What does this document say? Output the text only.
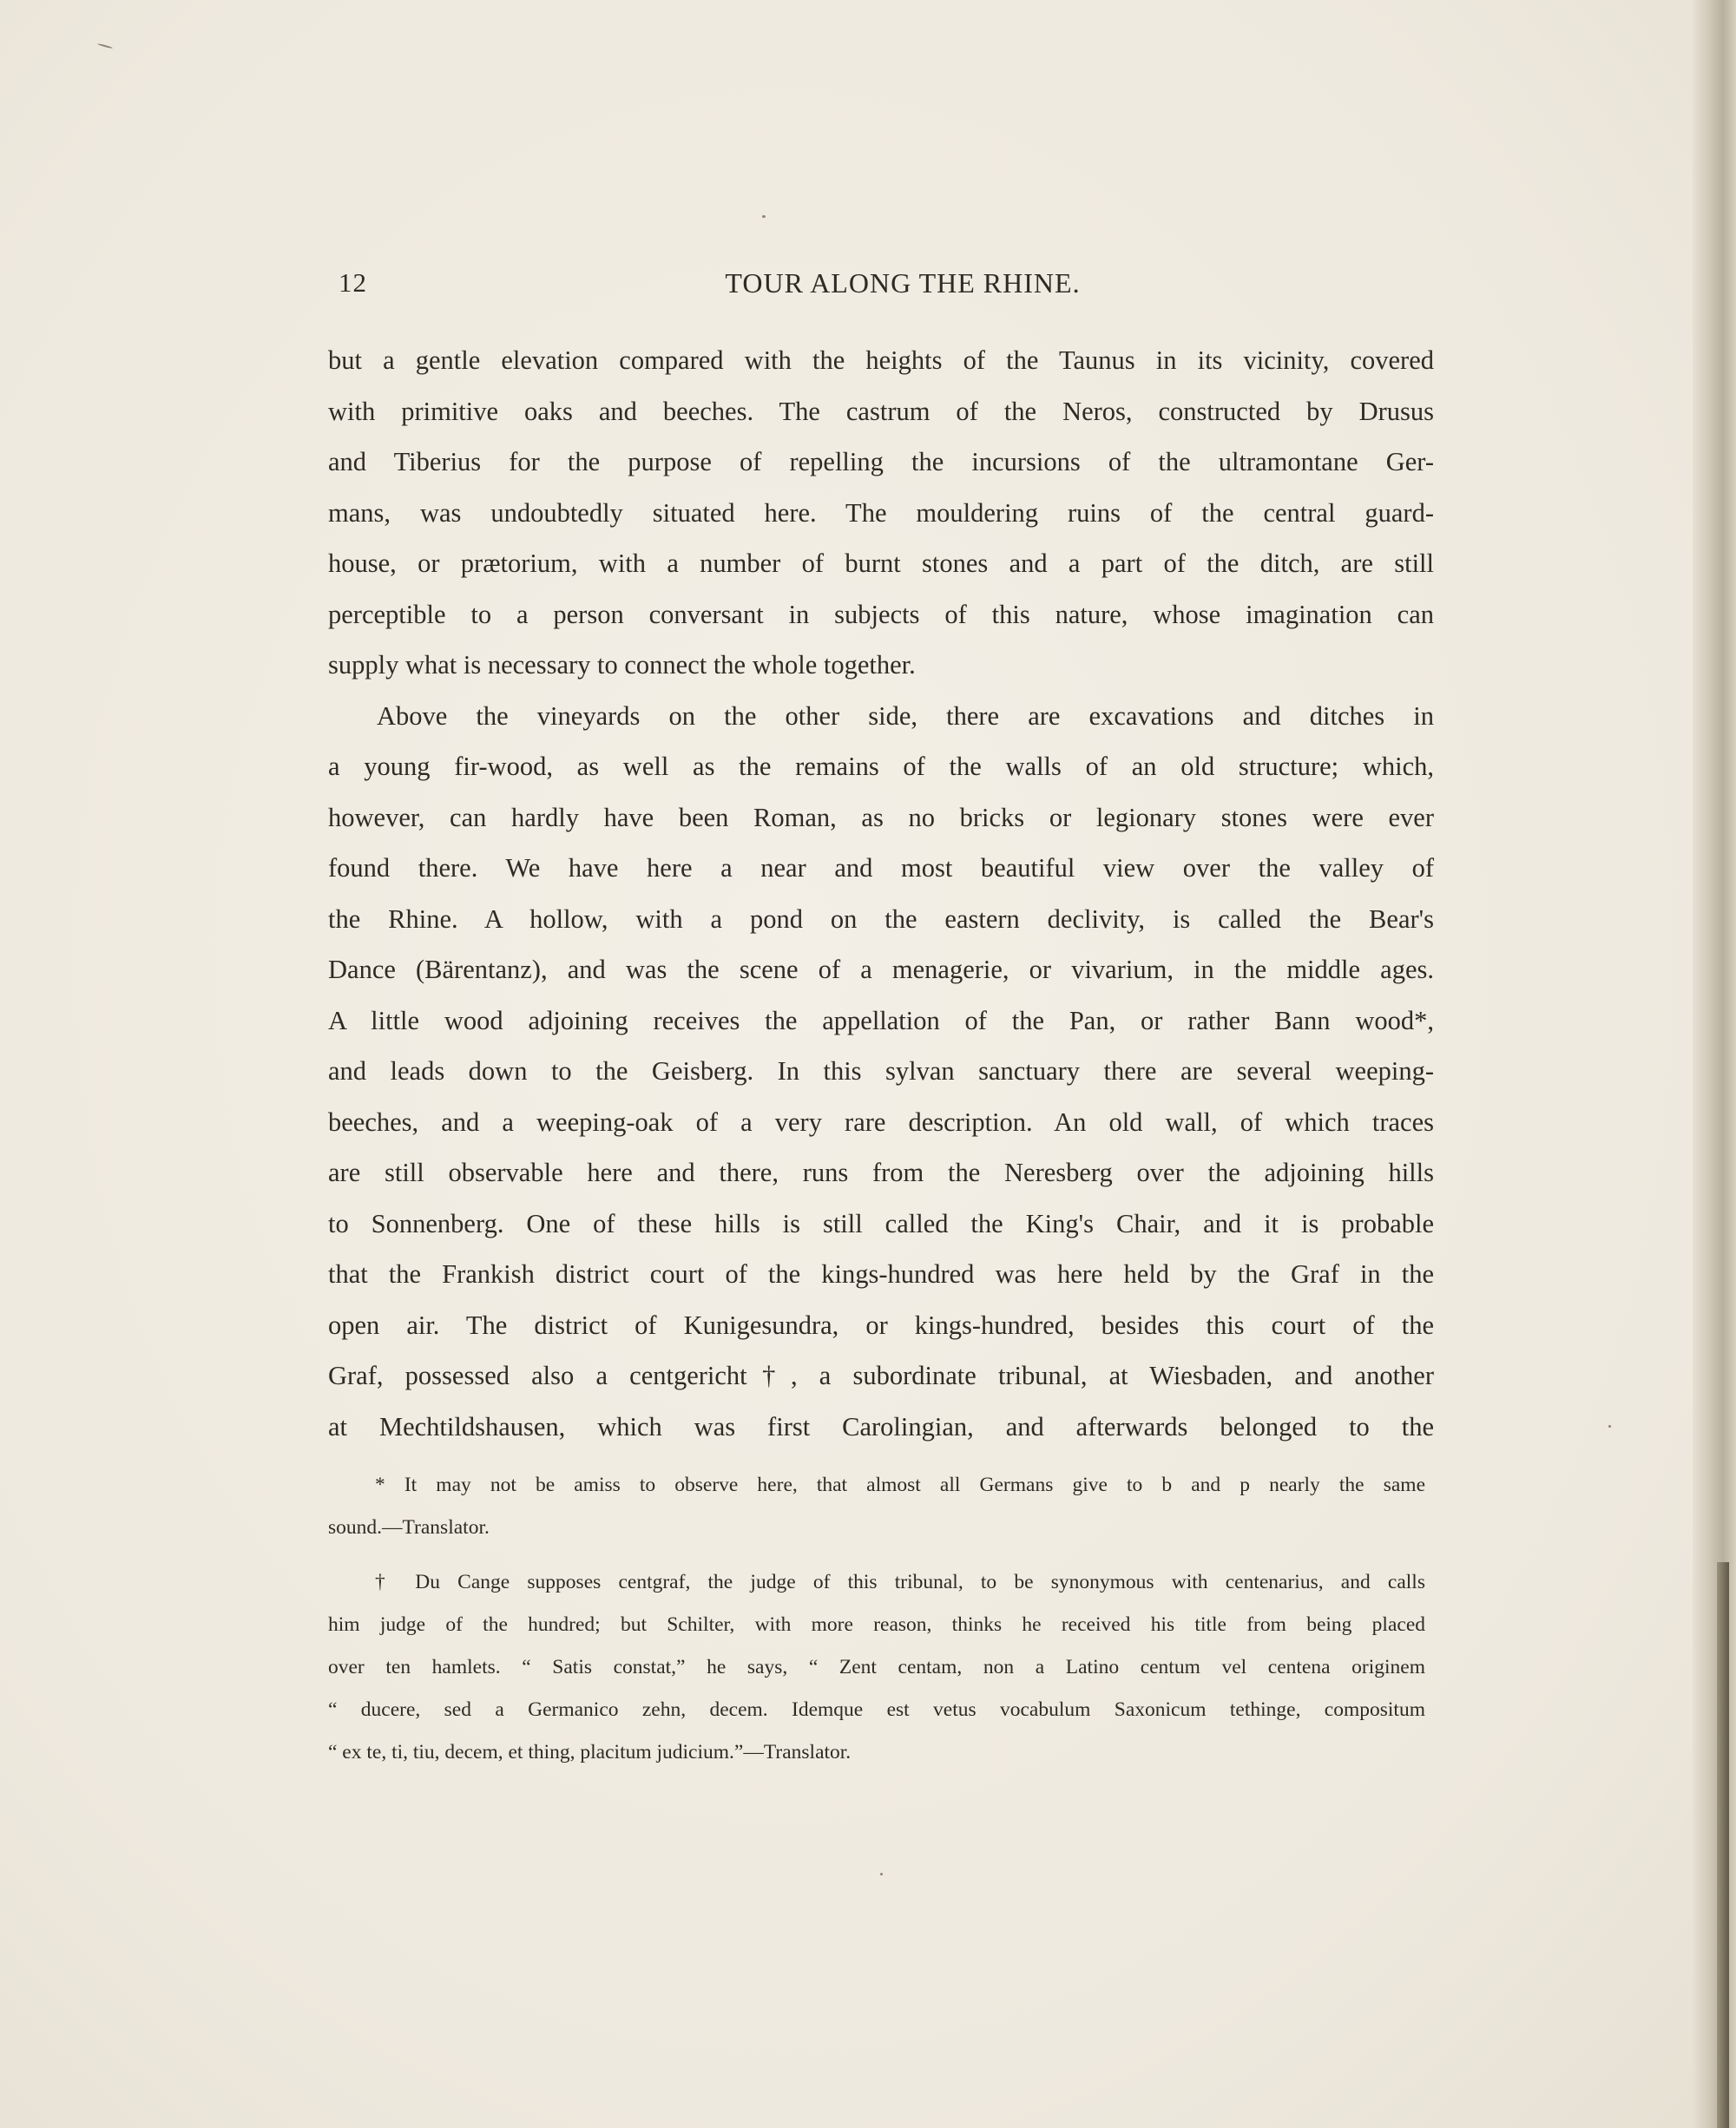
12	TOUR ALONG THE RHINE.
but a gentle elevation compared with the heights of the Taunus in its vicinity, covered
with primitive oaks and beeches. The castrum of the Neros, constructed by Drusus
and Tiberius for the purpose of repelling the incursions of the ultramontane Ger-
mans, was undoubtedly situated here. The mouldering ruins of the central guard-
house, or prætorium, with a number of burnt stones and a part of the ditch, are still
perceptible to a person conversant in subjects of this nature, whose imagination can
supply what is necessary to connect the whole together.
Above the vineyards on the other side, there are excavations and ditches in
a young fir-wood, as well as the remains of the walls of an old structure; which,
however, can hardly have been Roman, as no bricks or legionary stones were ever
found there. We have here a near and most beautiful view over the valley of
the Rhine. A hollow, with a pond on the eastern declivity, is called the Bear's
Dance (Bärentanz), and was the scene of a menagerie, or vivarium, in the middle ages.
A little wood adjoining receives the appellation of the Pan, or rather Bann wood*,
and leads down to the Geisberg. In this sylvan sanctuary there are several weeping-
beeches, and a weeping-oak of a very rare description. An old wall, of which traces
are still observable here and there, runs from the Neresberg over the adjoining hills
to Sonnenberg. One of these hills is still called the King's Chair, and it is probable
that the Frankish district court of the kings-hundred was here held by the Graf in the
open air. The district of Kunigesundra, or kings-hundred, besides this court of the
Graf, possessed also a centgericht†, a subordinate tribunal, at Wiesbaden, and another
at Mechtildshausen, which was first Carolingian, and afterwards belonged to the
* It may not be amiss to observe here, that almost all Germans give to b and p nearly the same
sound.—Translator.
† Du Cange supposes centgraf, the judge of this tribunal, to be synonymous with centenarius, and calls
him judge of the hundred; but Schilter, with more reason, thinks he received his title from being placed
over ten hamlets. “ Satis constat,” he says, “ Zent centam, non a Latino centum vel centena originem
“ ducere, sed a Germanico zehn, decem. Idemque est vetus vocabulum Saxonicum tethinge, compositum
“ ex te, ti, tiu, decem, et thing, placitum judicium.”—Translator.
